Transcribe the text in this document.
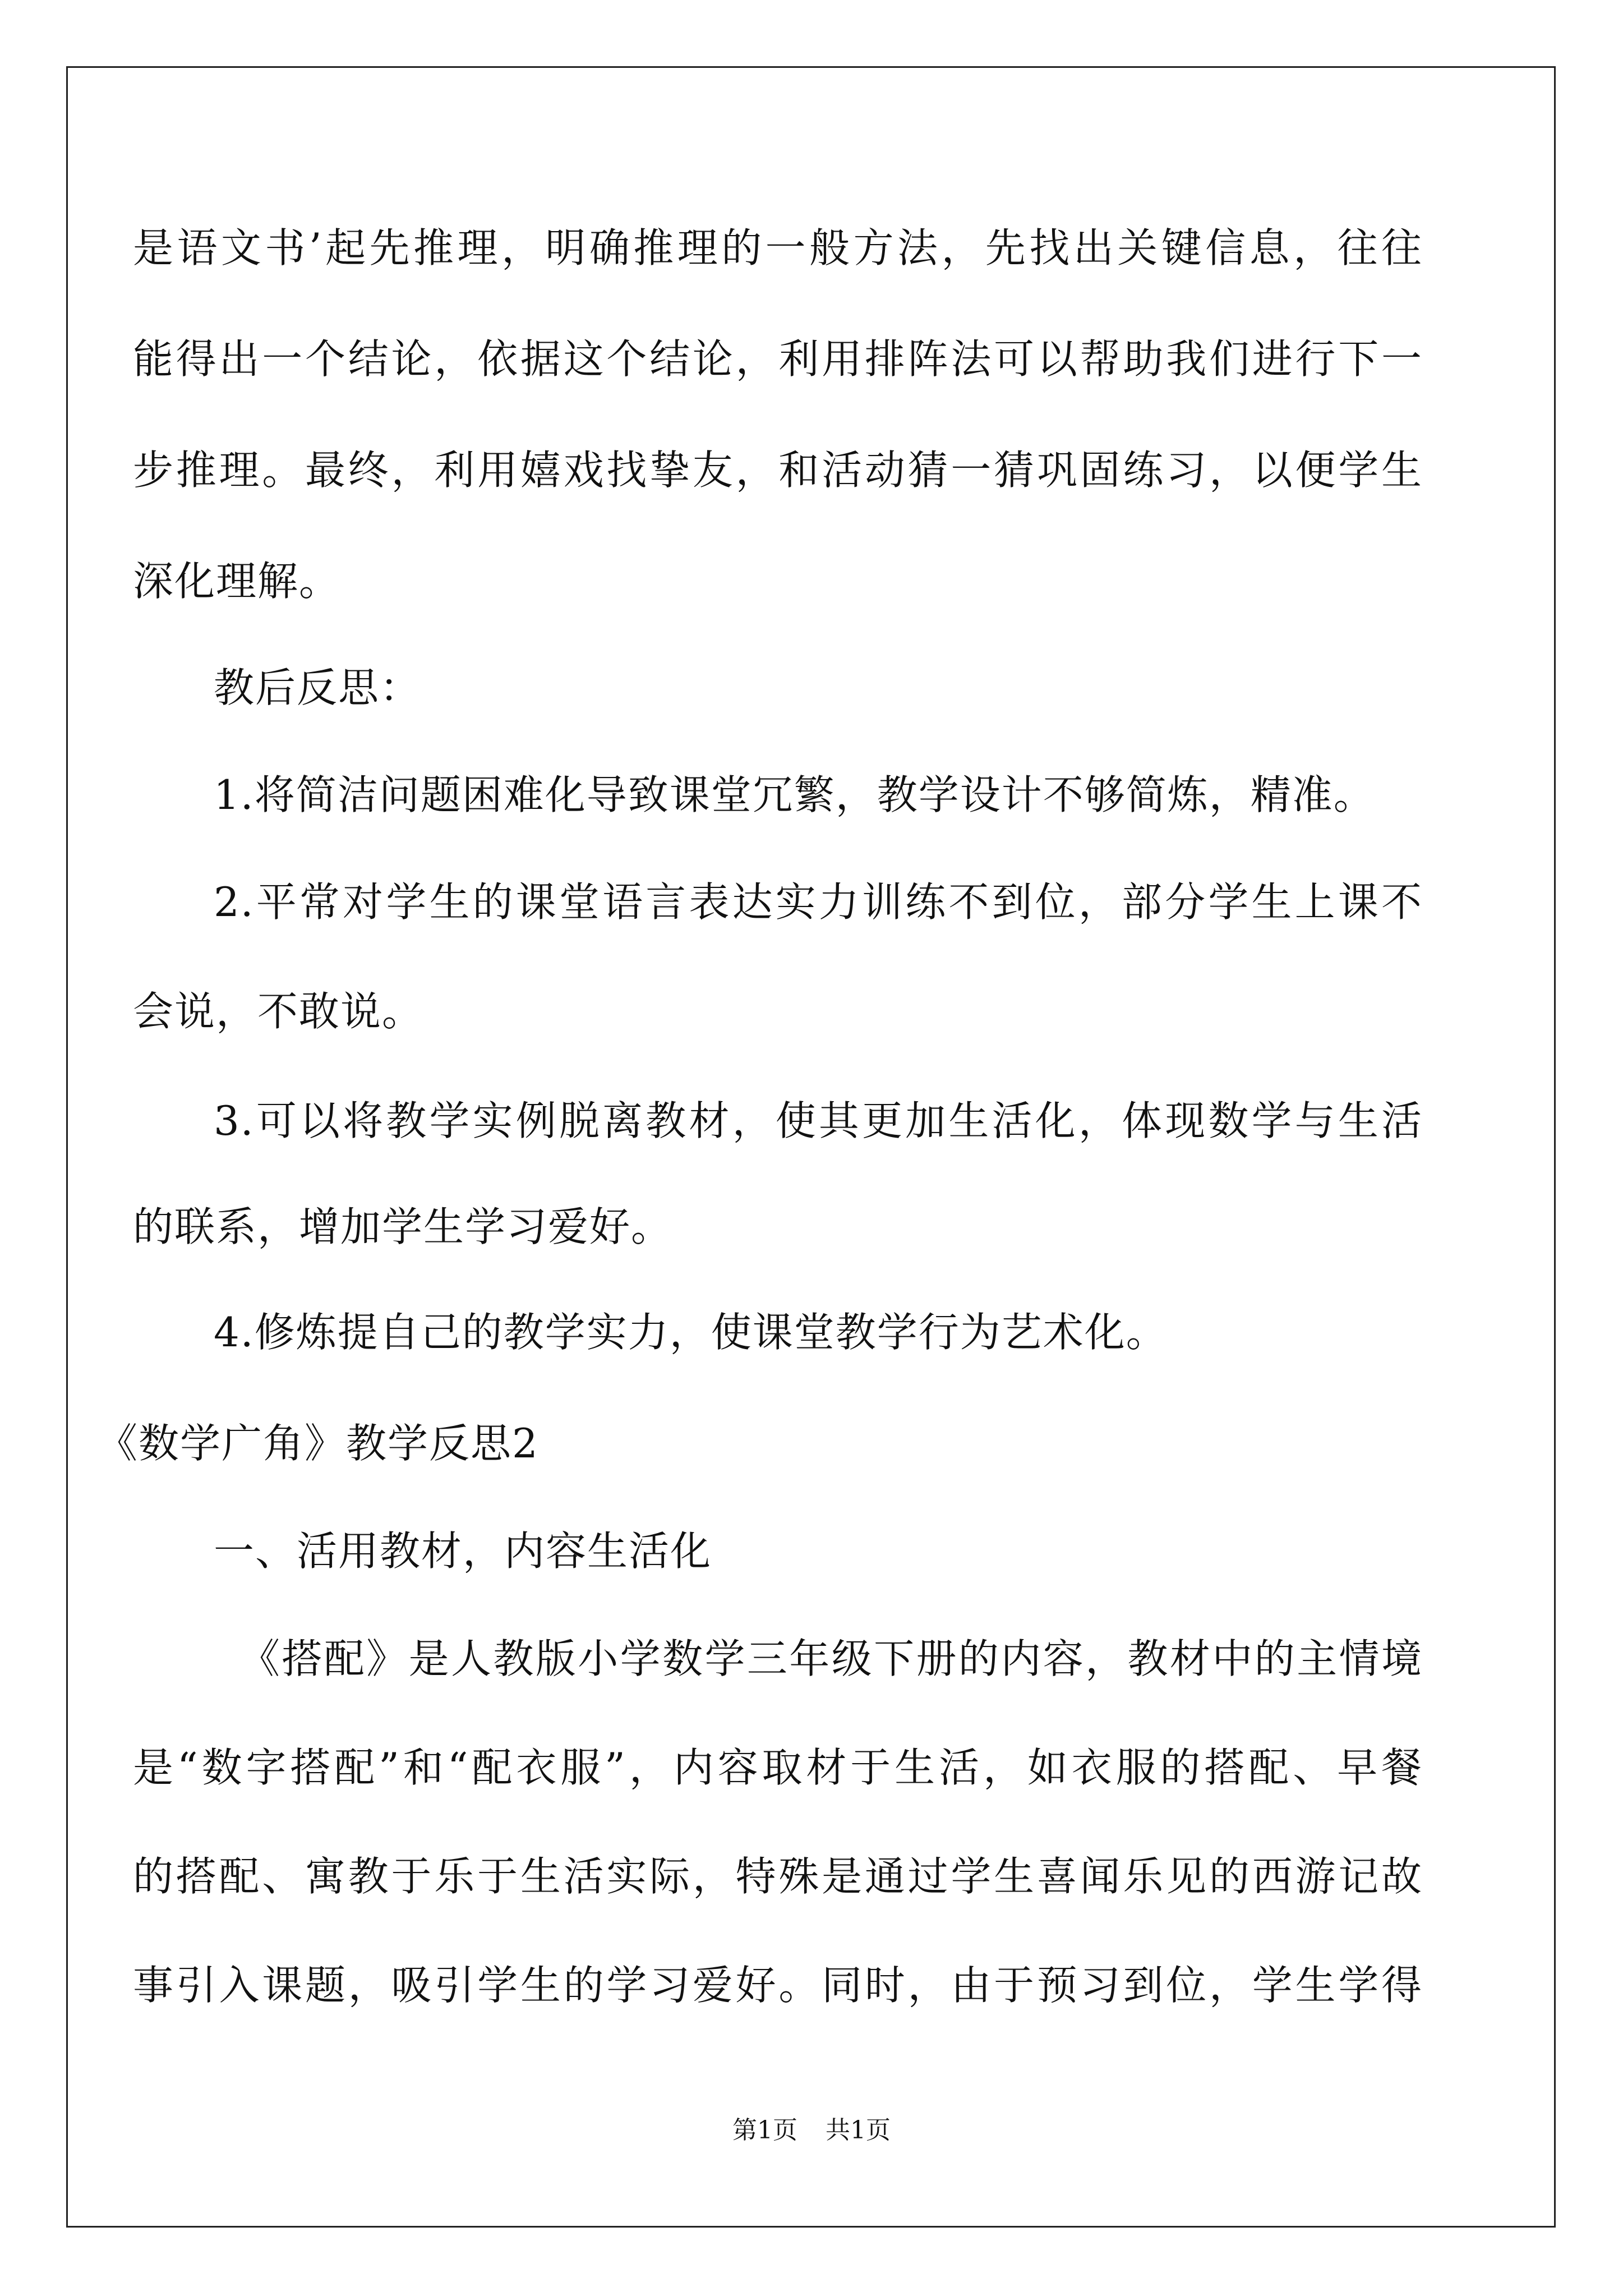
是语文书’起先推理，明确推理的一般方法，先找出关键信息，往往
能得出一个结论，依据这个结论，利用排阵法可以帮助我们进行下一
步推理。最终，利用嬉戏找挚友，和活动猜一猜巩固练习，以便学生
深化理解。
教后反思：
1.将简洁问题困难化导致课堂冗繁，教学设计不够简炼，精准。
2.平常对学生的课堂语言表达实力训练不到位，部分学生上课不
会说，不敢说。
3.可以将教学实例脱离教材，使其更加生活化，体现数学与生活
的联系，增加学生学习爱好。
4.修炼提自己的教学实力，使课堂教学行为艺术化。
《数学广角》教学反思2
一、活用教材，内容生活化
《搭配》是人教版小学数学三年级下册的内容，教材中的主情境
是“数字搭配”和“配衣服”，内容取材于生活，如衣服的搭配、早餐
的搭配、寓教于乐于生活实际，特殊是通过学生喜闻乐见的西游记故
事引入课题，吸引学生的学习爱好。同时，由于预习到位，学生学得
第1页 共1页
